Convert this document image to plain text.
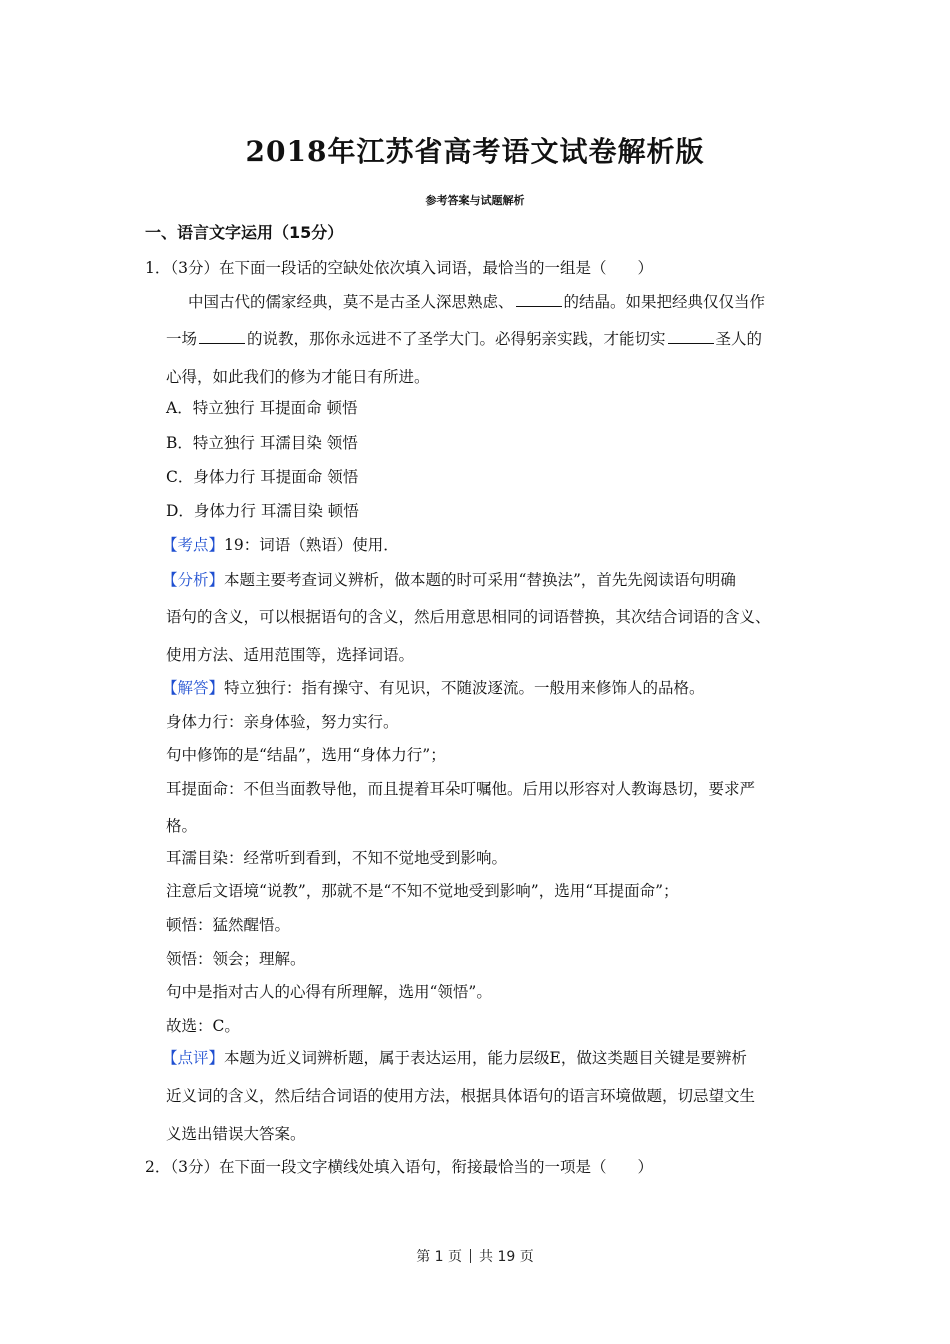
2018年江苏省高考语文试卷解析版
参考答案与试题解析
一、语言文字运用（15分）
1．（3分）在下面一段话的空缺处依次填入词语，最恰当的一组是（　　）
中国古代的儒家经典，莫不是古圣人深思熟虑、	的结晶。如果把经典仅仅当作
一场	的说教，那你永远进不了圣学大门。必得躬亲实践，才能切实	圣人的
心得，如此我们的修为才能日有所进。
A．特立独行 耳提面命 顿悟
B．特立独行 耳濡目染 领悟
C．身体力行 耳提面命 领悟
D．身体力行 耳濡目染 顿悟
【考点】19：词语（熟语）使用．
【分析】本题主要考查词义辨析，做本题的时可采用“替换法”，首先先阅读语句明确
语句的含义，可以根据语句的含义，然后用意思相同的词语替换，其次结合词语的含义、
使用方法、适用范围等，选择词语。
【解答】特立独行：指有操守、有见识，不随波逐流。一般用来修饰人的品格。
身体力行：亲身体验，努力实行。
句中修饰的是“结晶”，选用“身体力行”；
耳提面命：不但当面教导他，而且提着耳朵叮嘱他。后用以形容对人教诲恳切，要求严
格。
耳濡目染：经常听到看到，不知不觉地受到影响。
注意后文语境“说教”，那就不是“不知不觉地受到影响”，选用“耳提面命”；
顿悟：猛然醒悟。
领悟：领会；理解。
句中是指对古人的心得有所理解，选用“领悟”。
故选：C。
【点评】本题为近义词辨析题，属于表达运用，能力层级E，做这类题目关键是要辨析
近义词的含义，然后结合词语的使用方法，根据具体语句的语言环境做题，切忌望文生
义选出错误大答案。
2．（3分）在下面一段文字横线处填入语句，衔接最恰当的一项是（　　）
第 1 页 共 19 页
